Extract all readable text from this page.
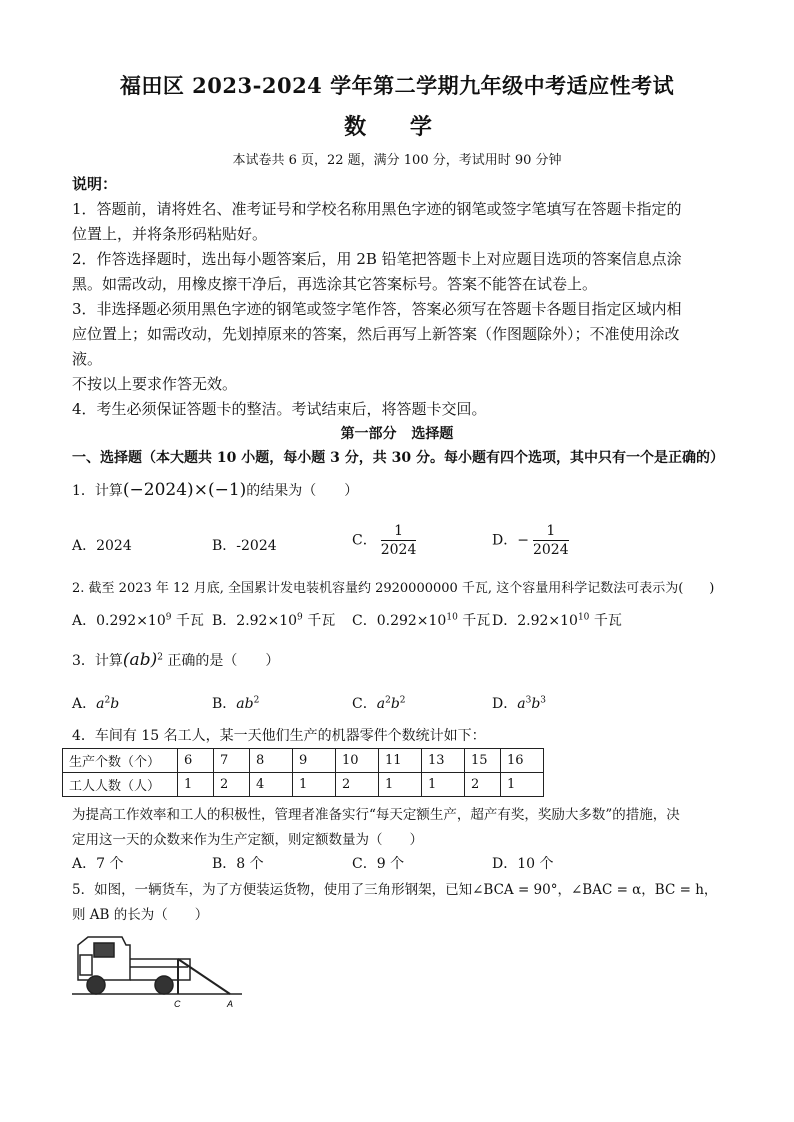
福田区 2023-2024 学年第二学期九年级中考适应性考试
数 学
本试卷共 6 页，22 题，满分 100 分，考试用时 90 分钟
说明：
1．答题前，请将姓名、准考证号和学校名称用黑色字迹的钢笔或签字笔填写在答题卡指定的
位置上，并将条形码粘贴好。
2．作答选择题时，选出每小题答案后，用 2B 铅笔把答题卡上对应题目选项的答案信息点涂
黑。如需改动，用橡皮擦干净后，再选涂其它答案标号。答案不能答在试卷上。
3．非选择题必须用黑色字迹的钢笔或签字笔作答，答案必须写在答题卡各题目指定区域内相
应位置上；如需改动，先划掉原来的答案，然后再写上新答案（作图题除外）；不准使用涂改
液。
不按以上要求作答无效。
4．考生必须保证答题卡的整洁。考试结束后，将答题卡交回。
第一部分 选择题
一、选择题（本大题共 10 小题，每小题 3 分，共 30 分。每小题有四个选项，其中只有一个是正确的）
1．计算(−2024)×(−1)的结果为（　　）
A．2024	B．-2024	C． $\frac{1}{2024}$	D．− $\frac{1}{2024}$
2. 截至 2023 年 12 月底, 全国累计发电装机容量约 2920000000 千瓦, 这个容量用科学记数法可表示为(　　)
A．$0.292\times 10^9$ 千瓦 B．$2.92\times 10^9$ 千瓦 C．$0.292\times 10^{10}$ 千瓦 D．$2.92\times 10^{10}$ 千瓦
3．计算(ab)$^2$ 正确的是（　　）
A．$a^2b$	B．$ab^2$	C．$a^2b^2$	D．$a^3b^3$
4．车间有 15 名工人，某一天他们生产的机器零件个数统计如下：
生产个数（个）	6	7	8	9	10	11	13	15	16
工人人数（人）	1	2	4	1	2	1	1	2	1
为提高工作效率和工人的积极性，管理者准备实行“每天定额生产，超产有奖，奖励大多数”的措施，决
定用这一天的众数来作为生产定额，则定额数量为（　　）
A．7 个	B．8 个	C．9 个	D．10 个
5．如图，一辆货车，为了方便装运货物，使用了三角形钢架，已知∠BCA = 90°，∠BAC = α，BC = h，
则 AB 的长为（　　）
C	A
